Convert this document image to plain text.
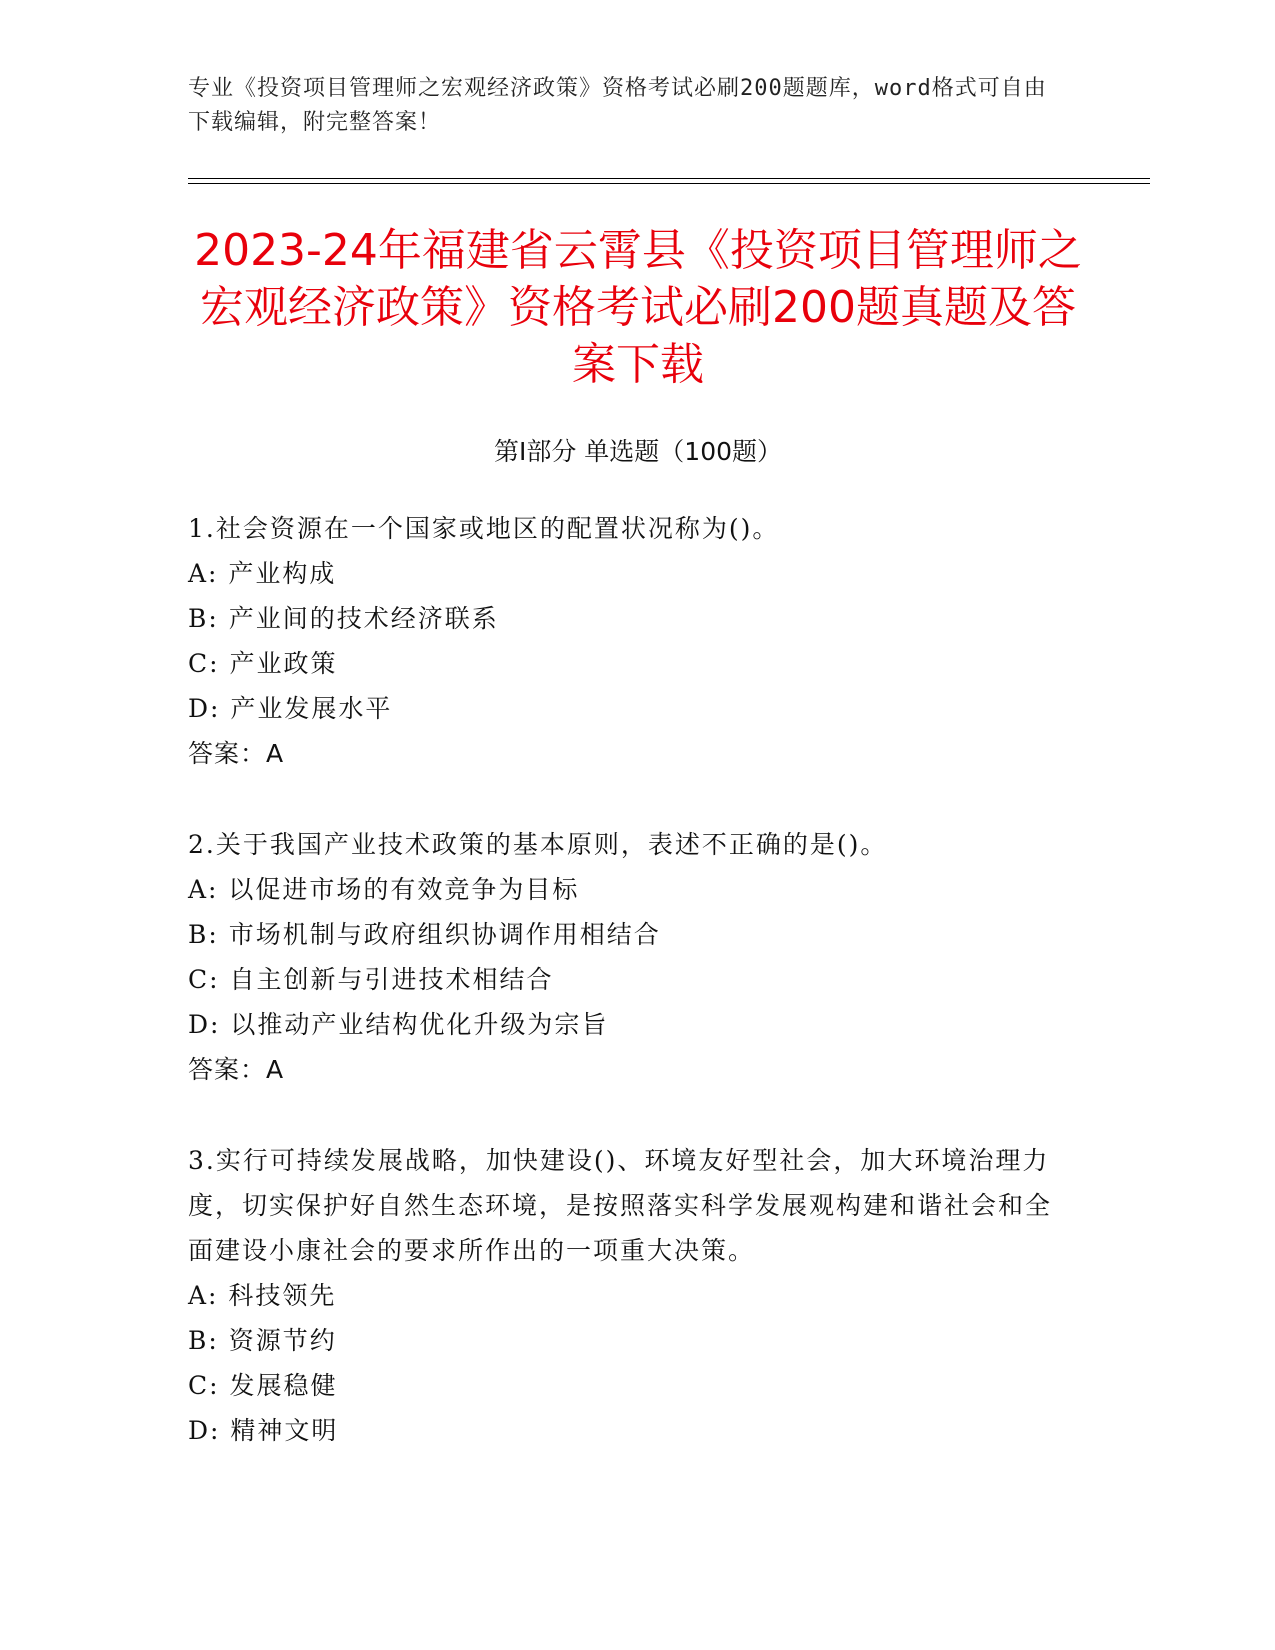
专业《投资项目管理师之宏观经济政策》资格考试必刷200题题库，word格式可自由下载编辑，附完整答案！
2023-24年福建省云霄县《投资项目管理师之宏观经济政策》资格考试必刷200题真题及答案下载
第I部分 单选题（100题）
1.社会资源在一个国家或地区的配置状况称为()。
A: 产业构成
B: 产业间的技术经济联系
C: 产业政策
D: 产业发展水平
答案：A
2.关于我国产业技术政策的基本原则，表述不正确的是()。
A: 以促进市场的有效竞争为目标
B: 市场机制与政府组织协调作用相结合
C: 自主创新与引进技术相结合
D: 以推动产业结构优化升级为宗旨
答案：A
3.实行可持续发展战略，加快建设()、环境友好型社会，加大环境治理力度，切实保护好自然生态环境，是按照落实科学发展观构建和谐社会和全面建设小康社会的要求所作出的一项重大决策。
A: 科技领先
B: 资源节约
C: 发展稳健
D: 精神文明
